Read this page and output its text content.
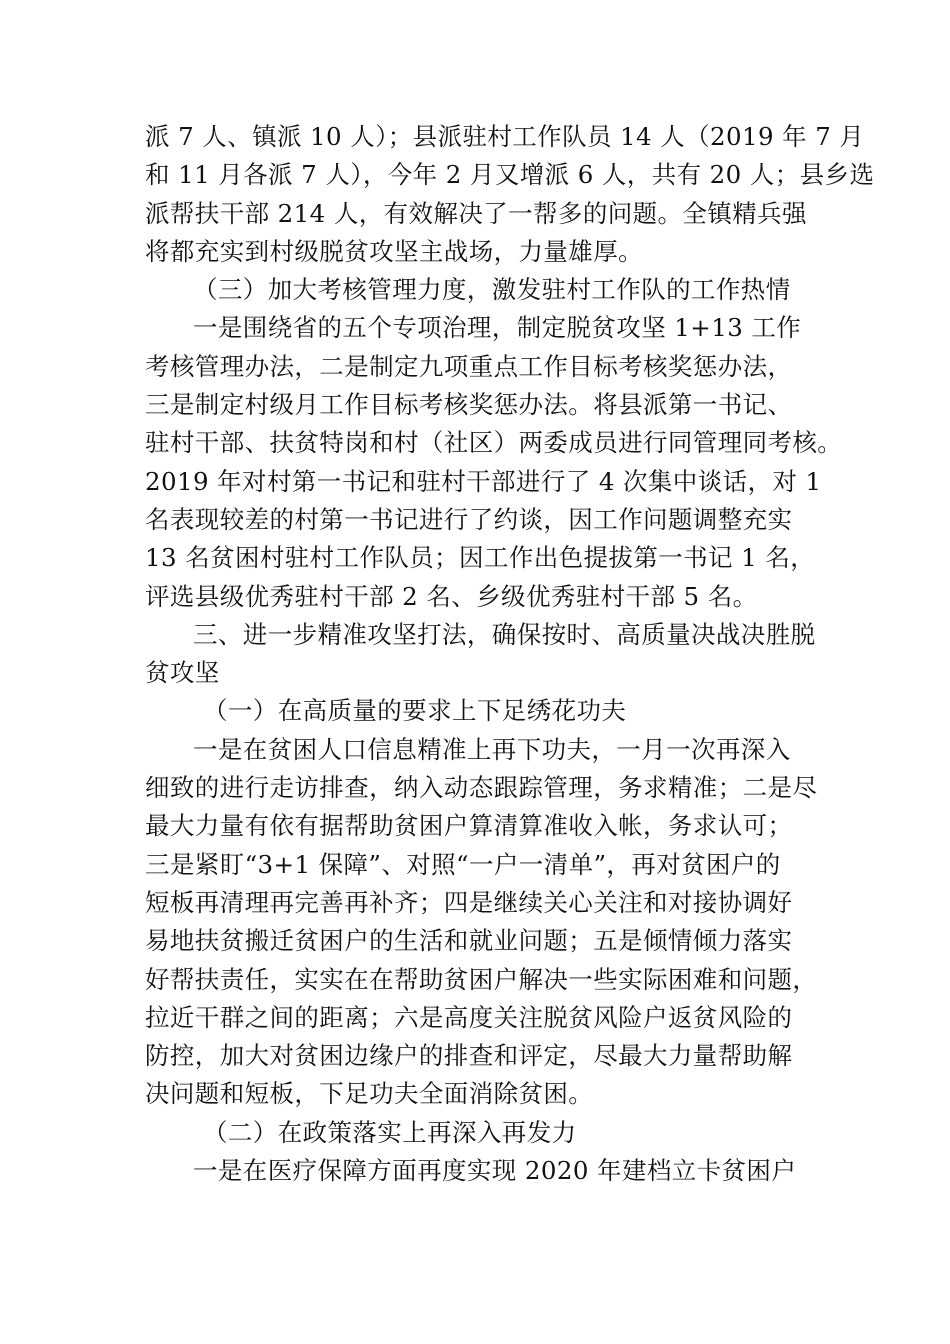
派 7 人、镇派 10 人）；县派驻村工作队员 14 人（2019 年 7 月
和 11 月各派 7 人），今年 2 月又增派 6 人，共有 20 人；县乡选
派帮扶干部 214 人，有效解决了一帮多的问题。全镇精兵强
将都充实到村级脱贫攻坚主战场，力量雄厚。
（三）加大考核管理力度，激发驻村工作队的工作热情
一是围绕省的五个专项治理，制定脱贫攻坚 1+13 工作
考核管理办法，二是制定九项重点工作目标考核奖惩办法，
三是制定村级月工作目标考核奖惩办法。将县派第一书记、
驻村干部、扶贫特岗和村（社区）两委成员进行同管理同考核。
2019 年对村第一书记和驻村干部进行了 4 次集中谈话，对 1
名表现较差的村第一书记进行了约谈，因工作问题调整充实
13 名贫困村驻村工作队员；因工作出色提拔第一书记 1 名，
评选县级优秀驻村干部 2 名、乡级优秀驻村干部 5 名。
三、进一步精准攻坚打法，确保按时、高质量决战决胜脱
贫攻坚
（一）在高质量的要求上下足绣花功夫
一是在贫困人口信息精准上再下功夫，一月一次再深入
细致的进行走访排查，纳入动态跟踪管理，务求精准；二是尽
最大力量有依有据帮助贫困户算清算准收入帐，务求认可；
三是紧盯“3+1 保障”、对照“一户一清单”，再对贫困户的
短板再清理再完善再补齐；四是继续关心关注和对接协调好
易地扶贫搬迁贫困户的生活和就业问题；五是倾情倾力落实
好帮扶责任，实实在在帮助贫困户解决一些实际困难和问题，
拉近干群之间的距离；六是高度关注脱贫风险户返贫风险的
防控，加大对贫困边缘户的排查和评定，尽最大力量帮助解
决问题和短板，下足功夫全面消除贫困。
（二）在政策落实上再深入再发力
一是在医疗保障方面再度实现 2020 年建档立卡贫困户
